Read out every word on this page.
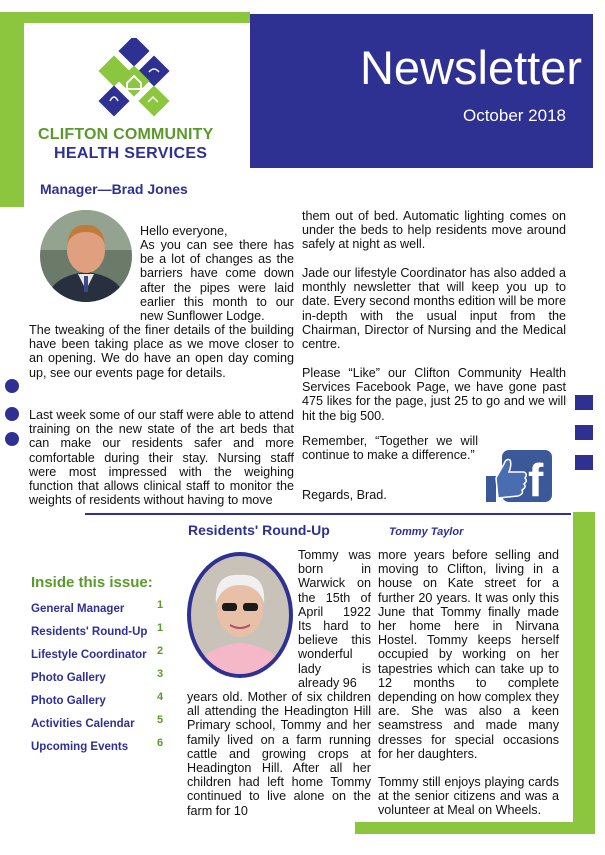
Newsletter
October 2018
CLIFTON COMMUNITY
HEALTH SERVICES
Manager—Brad Jones

Hello everyone,

As you can see there has be a lot of changes as the barriers have come down after the pipes were laid earlier this month to our new Sunflower Lodge.
The tweaking of the finer details of the building have been taking place as we move closer to an opening. We do have an open day coming up, see our events page for details.
Last week some of our staff were able to attend training on the new state of the art beds that can make our residents safer and more comfortable during their stay. Nursing staff were most impressed with the weighing function that allows clinical staff to monitor the weights of residents without having to move
them out of bed. Automatic lighting comes on under the beds to help residents move around safely at night as well.
Jade our lifestyle Coordinator has also added a monthly newsletter that will keep you up to date. Every second months edition will be more in-depth with the usual input from the Chairman, Director of Nursing and the Medical centre.
Please “Like” our Clifton Community Health Services Facebook Page, we have gone past 475 likes for the page, just 25 to go and we will hit the big 500.
Remember, “Together we will continue to make a difference.”
Regards, Brad.	f
Residents' Round-Up	Tommy Taylor
Tommy was born in Warwick on the 15th of April 1922 Its hard to believe this wonderful lady is already 96
years old. Mother of six children all attending the Headington Hill Primary school, Tommy and her family lived on a farm running cattle and growing crops at Headington Hill. After all her children had left home Tommy continued to live alone on the farm for 10
more years before selling and moving to Clifton, living in a house on Kate street for a further 20 years. It was only this June that Tommy finally made her home here in Nirvana Hostel. Tommy keeps herself occupied by working on her tapestries which can take up to 12 months to complete depending on how complex they are. She was also a keen seamstress and made many dresses for special occasions for her daughters.
Tommy still enjoys playing cards at the senior citizens and was a volunteer at Meal on Wheels.
Inside this issue:
General Manager	1
Residents' Round-Up 1
Lifestyle Coordinator 2
Photo Gallery	3
Photo Gallery	4
Activities Calendar 5
Upcoming Events	6
